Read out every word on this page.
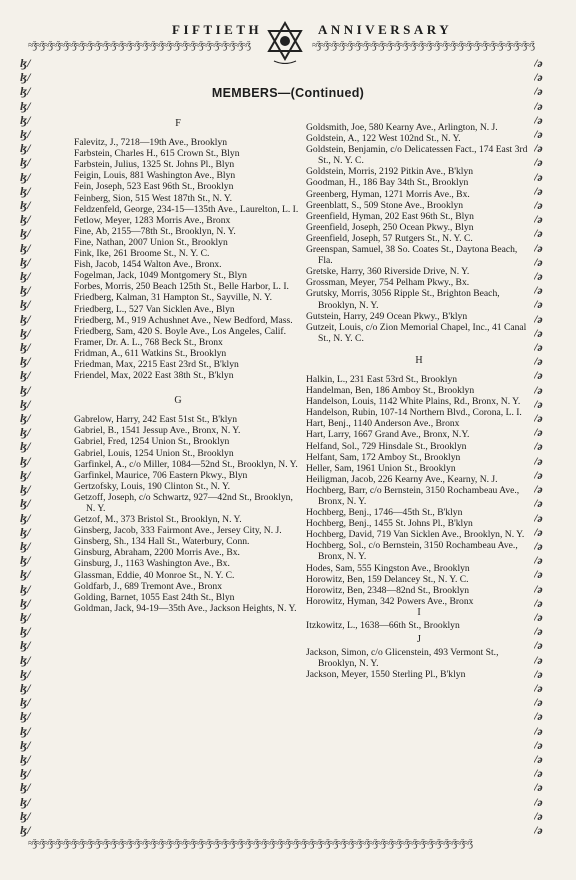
FIFTIETH	ANNIVERSARY
≈ǯ≈ǯ≈ǯ≈ǯ≈ǯ≈ǯ≈ǯ≈ǯ≈ǯ≈ǯ≈ǯ≈ǯ≈ǯ≈ǯ≈ǯ≈ǯ≈ǯ≈ǯ≈ǯ≈ǯ≈ǯ≈ǯ≈ǯ≈ǯ≈ǯ≈ǯ≈ǯ≈ǯ	≈ǯ≈ǯ≈ǯ≈ǯ≈ǯ≈ǯ≈ǯ≈ǯ≈ǯ≈ǯ≈ǯ≈ǯ≈ǯ≈ǯ≈ǯ≈ǯ≈ǯ≈ǯ≈ǯ≈ǯ≈ǯ≈ǯ≈ǯ≈ǯ≈ǯ≈ǯ≈ǯ≈ǯ
≈ǯ≈ǯ≈ǯ≈ǯ≈ǯ≈ǯ≈ǯ≈ǯ≈ǯ≈ǯ≈ǯ≈ǯ≈ǯ≈ǯ≈ǯ≈ǯ≈ǯ≈ǯ≈ǯ≈ǯ≈ǯ≈ǯ≈ǯ≈ǯ≈ǯ≈ǯ≈ǯ≈ǯ≈ǯ≈ǯ≈ǯ≈ǯ≈ǯ≈ǯ≈ǯ≈ǯ≈ǯ≈ǯ≈ǯ≈ǯ≈ǯ≈ǯ≈ǯ≈ǯ≈ǯ≈ǯ≈ǯ≈ǯ≈ǯ≈ǯ≈ǯ≈ǯ≈ǯ≈ǯ≈ǯ≈ǯ
ɮ/
ɮ/
ɮ/
ɮ/
ɮ/
ɮ/
ɮ/
ɮ/
ɮ/
ɮ/
ɮ/
ɮ/
ɮ/
ɮ/
ɮ/
ɮ/
ɮ/
ɮ/
ɮ/
ɮ/
ɮ/
ɮ/
ɮ/
ɮ/
ɮ/
ɮ/
ɮ/
ɮ/
ɮ/
ɮ/
ɮ/
ɮ/
ɮ/
ɮ/
ɮ/
ɮ/
ɮ/
ɮ/
ɮ/
ɮ/
ɮ/
ɮ/
ɮ/
ɮ/
ɮ/
ɮ/
ɮ/
ɮ/
ɮ/
ɮ/
ɮ/
ɮ/
ɮ/
ɮ/
ɮ/
/ə
/ə
/ə
/ə
/ə
/ə
/ə
/ə
/ə
/ə
/ə
/ə
/ə
/ə
/ə
/ə
/ə
/ə
/ə
/ə
/ə
/ə
/ə
/ə
/ə
/ə
/ə
/ə
/ə
/ə
/ə
/ə
/ə
/ə
/ə
/ə
/ə
/ə
/ə
/ə
/ə
/ə
/ə
/ə
/ə
/ə
/ə
/ə
/ə
/ə
/ə
/ə
/ə
/ə
/ə
MEMBERS—(Continued)

F

Falevitz, J., 7218—19th Ave., Brooklyn

Farbstein, Charles H., 615 Crown St., Blyn

Farbstein, Julius, 1325 St. Johns Pl., Blyn

Feigin, Louis, 881 Washington Ave., Blyn

Fein, Joseph, 523 East 96th St., Brooklyn

Feinberg, Sion, 515 West 187th St., N. Y.

Feldzenfeld, George, 234-15—135th Ave., Laurelton, L. I.

Fetlow, Meyer, 1283 Morris Ave., Bronx

Fine, Ab, 2155—78th St., Brooklyn, N. Y.

Fine, Nathan, 2007 Union St., Brooklyn

Fink, Ike, 261 Broome St., N. Y. C.

Fish, Jacob, 1454 Walton Ave., Bronx.

Fogelman, Jack, 1049 Montgomery St., Blyn

Forbes, Morris, 250 Beach 125th St., Belle Harbor, L. I.

Friedberg, Kalman, 31 Hampton St., Sayville, N. Y.

Friedberg, L., 527 Van Sicklen Ave., Blyn

Friedberg, M., 919 Achushnet Ave., New Bedford, Mass.

Friedberg, Sam, 420 S. Boyle Ave., Los Angeles, Calif.

Framer, Dr. A. L., 768 Beck St., Bronx

Fridman, A., 611 Watkins St., Brooklyn

Friedman, Max, 2215 East 23rd St., B'klyn

Friendel, Max, 2022 East 38th St., B'klyn

G

Gabrelow, Harry, 242 East 51st St., B'klyn

Gabriel, B., 1541 Jessup Ave., Bronx, N. Y.

Gabriel, Fred, 1254 Union St., Brooklyn

Gabriel, Louis, 1254 Union St., Brooklyn

Garfinkel, A., c/o Miller, 1084—52nd St., Brooklyn, N. Y.

Garfinkel, Maurice, 706 Eastern Pkwy., Blyn

Gertzofsky, Louis, 190 Clinton St., N. Y.

Getzoff, Joseph, c/o Schwartz, 927—42nd St., Brooklyn, N. Y.

Getzof, M., 373 Bristol St., Brooklyn, N. Y.

Ginsberg, Jacob, 333 Fairmont Ave., Jersey City, N. J.

Ginsberg, Sh., 134 Hall St., Waterbury, Conn.

Ginsburg, Abraham, 2200 Morris Ave., Bx.

Ginsburg, J., 1163 Washington Ave., Bx.

Glassman, Eddie, 40 Monroe St., N. Y. C.

Goldfarb, J., 689 Tremont Ave., Bronx

Golding, Barnet, 1055 East 24th St., Blyn

Goldman, Jack, 94-19—35th Ave., Jackson Heights, N. Y.

Goldsmith, Joe, 580 Kearny Ave., Arlington, N. J.

Goldstein, A., 122 West 102nd St., N. Y.

Goldstein, Benjamin, c/o Delicatessen Fact., 174 East 3rd St., N. Y. C.

Goldstein, Morris, 2192 Pitkin Ave., B'klyn

Goodman, H., 186 Bay 34th St., Brooklyn

Greenberg, Hyman, 1271 Morris Ave., Bx.

Greenblatt, S., 509 Stone Ave., Brooklyn

Greenfield, Hyman, 202 East 96th St., Blyn

Greenfield, Joseph, 250 Ocean Pkwy., Blyn

Greenfield, Joseph, 57 Rutgers St., N. Y. C.

Greenspan, Samuel, 38 So. Coates St., Daytona Beach, Fla.

Gretske, Harry, 360 Riverside Drive, N. Y.

Grossman, Meyer, 754 Pelham Pkwy., Bx.

Grutsky, Morris, 3056 Ripple St., Brighton Beach, Brooklyn, N. Y.

Gutstein, Harry, 249 Ocean Pkwy., B'klyn

Gutzeit, Louis, c/o Zion Memorial Chapel, Inc., 41 Canal St., N. Y. C.

H

Halkin, L., 231 East 53rd St., Brooklyn

Handelman, Ben, 186 Amboy St., Brooklyn

Handelson, Louis, 1142 White Plains, Rd., Bronx, N. Y.

Handelson, Rubin, 107-14 Northern Blvd., Corona, L. I.

Hart, Benj., 1140 Anderson Ave., Bronx

Hart, Larry, 1667 Grand Ave., Bronx, N.Y.

Helfand, Sol., 729 Hinsdale St., Brooklyn

Helfant, Sam, 172 Amboy St., Brooklyn

Heller, Sam, 1961 Union St., Brooklyn

Heiligman, Jacob, 226 Kearny Ave., Kearny, N. J.

Hochberg, Barr, c/o Bernstein, 3150 Rochambeau Ave., Bronx, N. Y.

Hochberg, Benj., 1746—45th St., B'klyn

Hochberg, Benj., 1455 St. Johns Pl., B'klyn

Hochberg, David, 719 Van Sicklen Ave., Brooklyn, N. Y.

Hochberg, Sol., c/o Bernstein, 3150 Rochambeau Ave., Bronx, N. Y.

Hodes, Sam, 555 Kingston Ave., Brooklyn

Horowitz, Ben, 159 Delancey St., N. Y. C.

Horowitz, Ben, 2348—82nd St., Brooklyn

Horowitz, Hyman, 342 Powers Ave., Bronx

I

Itzkowitz, L., 1638—66th St., Brooklyn

J

Jackson, Simon, c/o Glicenstein, 493 Vermont St., Brooklyn, N. Y.

Jackson, Meyer, 1550 Sterling Pl., B'klyn
